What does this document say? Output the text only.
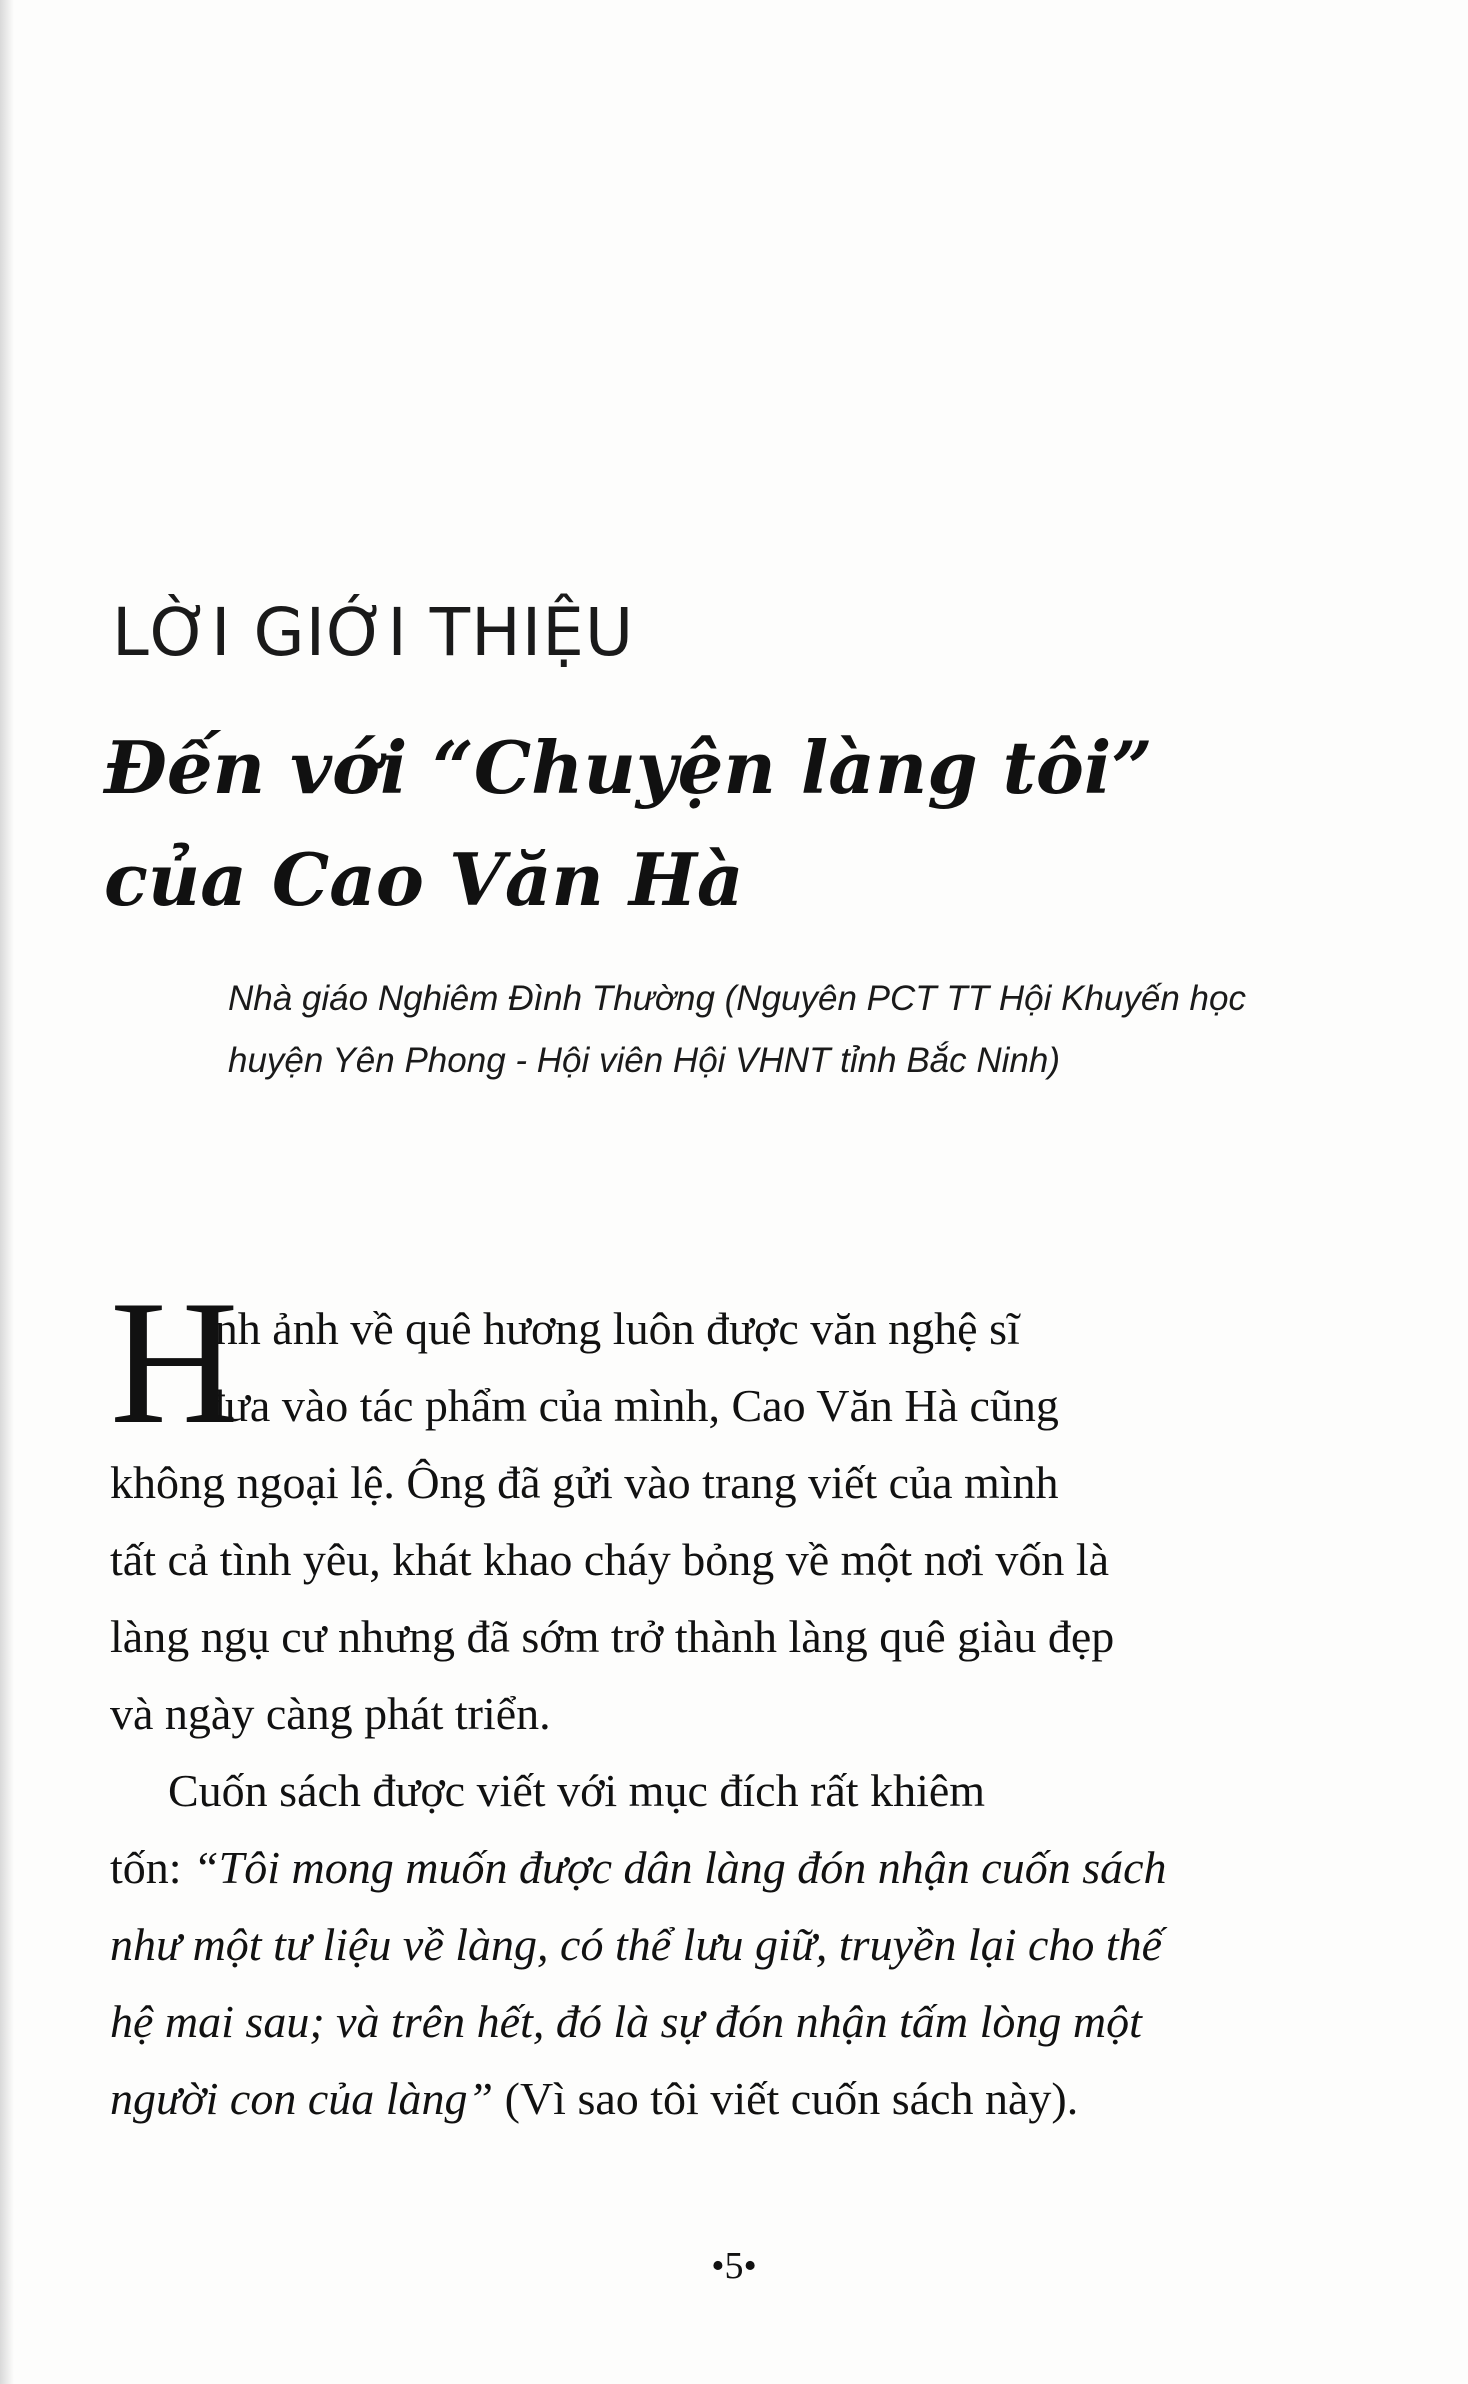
LỜI GIỚI THIỆU
Đến với “Chuyện làng tôi”
của Cao Văn Hà
Nhà giáo Nghiêm Đình Thường (Nguyên PCT TT Hội Khuyến học
huyện Yên Phong - Hội viên Hội VHNT tỉnh Bắc Ninh)
H
ình ảnh về quê hương luôn được văn nghệ sĩ
đưa vào tác phẩm của mình, Cao Văn Hà cũng
không ngoại lệ. Ông đã gửi vào trang viết của mình
tất cả tình yêu, khát khao cháy bỏng về một nơi vốn là
làng ngụ cư nhưng đã sớm trở thành làng quê giàu đẹp
và ngày càng phát triển.
Cuốn sách được viết với mục đích rất khiêm
tốn: “Tôi mong muốn được dân làng đón nhận cuốn sách
như một tư liệu về làng, có thể lưu giữ, truyền lại cho thế
hệ mai sau; và trên hết, đó là sự đón nhận tấm lòng một
người con của làng” (Vì sao tôi viết cuốn sách này).
•5•
